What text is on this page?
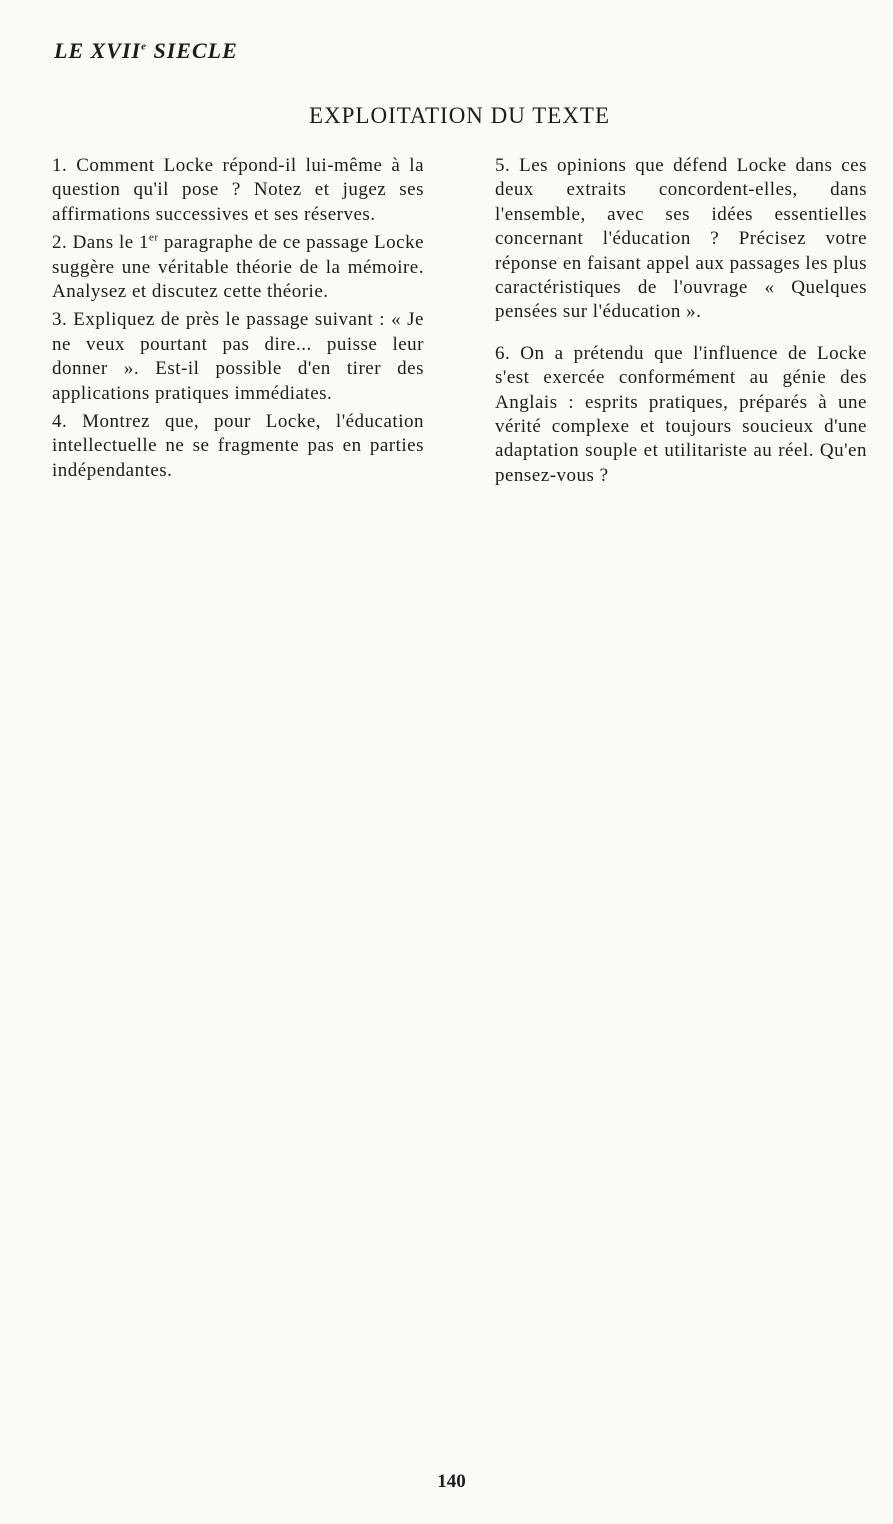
LE XVIIe SIECLE
EXPLOITATION DU TEXTE

1. Comment Locke répond-il lui-même à la question qu'il pose ? Notez et jugez ses affirmations successives et ses réserves.

2. Dans le 1er paragraphe de ce passage Locke suggère une véritable théorie de la mémoire. Analysez et discutez cette théorie.

3. Expliquez de près le passage suivant : « Je ne veux pourtant pas dire... puisse leur donner ». Est-il possible d'en tirer des applications pratiques immédiates.

4. Montrez que, pour Locke, l'éducation intellectuelle ne se fragmente pas en parties indépendantes.

5. Les opinions que défend Locke dans ces deux extraits concordent-elles, dans l'ensemble, avec ses idées essentielles concernant l'éducation ? Précisez votre réponse en faisant appel aux passages les plus caractéristiques de l'ouvrage « Quelques pensées sur l'éducation ».

6. On a prétendu que l'influence de Locke s'est exercée conformément au génie des Anglais : esprits pratiques, préparés à une vérité complexe et toujours soucieux d'une adaptation souple et utilitariste au réel. Qu'en pensez-vous ?

140
